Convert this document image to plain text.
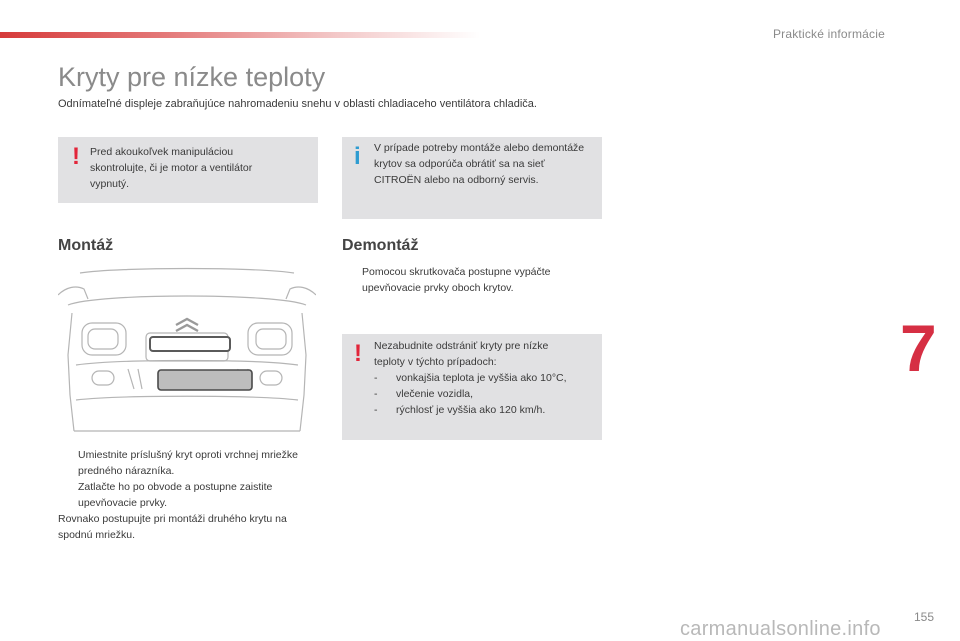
Praktické informácie
Kryty pre nízke teploty
Odnímateľné displeje zabraňujúce nahromadeniu snehu v oblasti chladiaceho ventilátora chladiča.
! Pred akoukoľvek manipuláciou skontrolujte, či je motor a ventilátor vypnutý.
i V prípade potreby montáže alebo demontáže krytov sa odporúča obrátiť sa na sieť CITROËN alebo na odborný servis.
Montáž
Umiestnite príslušný kryt oproti vrchnej mriežke predného nárazníka.
Zatlačte ho po obvode a postupne zaistite upevňovacie prvky.
Rovnako postupujte pri montáži druhého krytu na spodnú mriežku.
Demontáž
Pomocou skrutkovača postupne vypáčte upevňovacie prvky oboch krytov.
! Nezabudnite odstrániť kryty pre nízke teploty v týchto prípadoch:
- vonkajšia teplota je vyššia ako 10°C,
- vlečenie vozidla,
- rýchlosť je vyššia ako 120 km/h.
7
155
carmanualsonline.info
